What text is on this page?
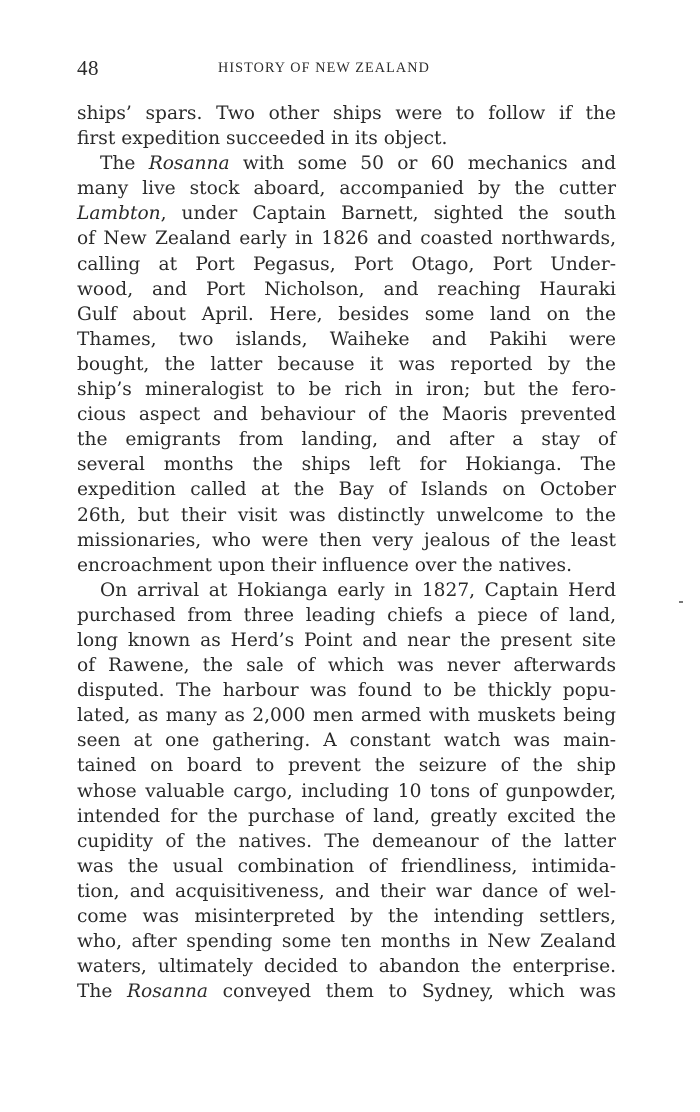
48	HISTORY OF NEW ZEALAND
ships’ spars. Two other ships were to follow if the
first expedition succeeded in its object.
The Rosanna with some 50 or 60 mechanics and
many live stock aboard, accompanied by the cutter
Lambton, under Captain Barnett, sighted the south
of New Zealand early in 1826 and coasted northwards,
calling at Port Pegasus, Port Otago, Port Under-
wood, and Port Nicholson, and reaching Hauraki
Gulf about April. Here, besides some land on the
Thames, two islands, Waiheke and Pakihi were
bought, the latter because it was reported by the
ship’s mineralogist to be rich in iron; but the fero-
cious aspect and behaviour of the Maoris prevented
the emigrants from landing, and after a stay of
several months the ships left for Hokianga. The
expedition called at the Bay of Islands on October
26th, but their visit was distinctly unwelcome to the
missionaries, who were then very jealous of the least
encroachment upon their influence over the natives.
On arrival at Hokianga early in 1827, Captain Herd
purchased from three leading chiefs a piece of land,
long known as Herd’s Point and near the present site
of Rawene, the sale of which was never afterwards
disputed. The harbour was found to be thickly popu-
lated, as many as 2,000 men armed with muskets being
seen at one gathering. A constant watch was main-
tained on board to prevent the seizure of the ship
whose valuable cargo, including 10 tons of gunpowder,
intended for the purchase of land, greatly excited the
cupidity of the natives. The demeanour of the latter
was the usual combination of friendliness, intimida-
tion, and acquisitiveness, and their war dance of wel-
come was misinterpreted by the intending settlers,
who, after spending some ten months in New Zealand
waters, ultimately decided to abandon the enterprise.
The Rosanna conveyed them to Sydney, which was
